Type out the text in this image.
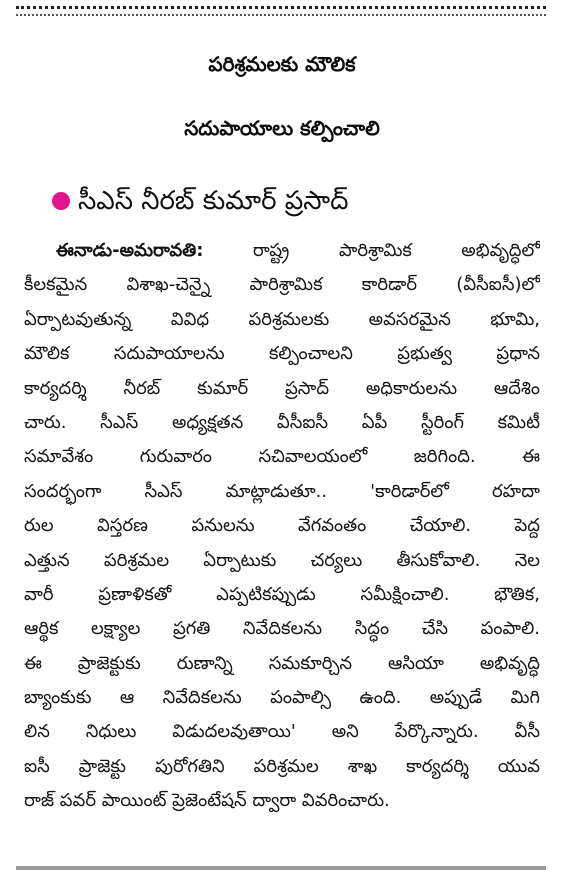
పరిశ్రమలకు మౌలిక
సదుపాయాలు కల్పించాలి
సీఎస్ నీరబ్ కుమార్ ప్రసాద్
ఈనాడు-అమరావతి:	రాష్ట్ర పారిశ్రామిక అభివృద్ధిలో
కీలకమైన విశాఖ-చెన్నై పారిశ్రామిక కారిడార్ (వీసీఐసీ)లో
ఏర్పాటవుతున్న వివిధ పరిశ్రమలకు అవసరమైన భూమి,
మౌలిక సదుపాయాలను కల్పించాలని ప్రభుత్వ ప్రధాన
కార్యదర్శి నీరబ్ కుమార్ ప్రసాద్ అధికారులను ఆదేశిం
చారు. సీఎస్ అధ్యక్షతన వీసీఐసీ ఏపీ స్టీరింగ్ కమిటీ
సమావేశం గురువారం సచివాలయంలో జరిగింది. ఈ
సందర్భంగా సీఎస్ మాట్లాడుతూ.. 'కారిడార్‌లో రహదా
రుల విస్తరణ పనులను వేగవంతం చేయాలి. పెద్ద
ఎత్తున పరిశ్రమల ఏర్పాటుకు చర్యలు తీసుకోవాలి. నెల
వారీ ప్రణాళికతో ఎప్పటికప్పుడు సమీక్షించాలి. భౌతిక,
ఆర్థిక లక్ష్యాల ప్రగతి నివేదికలను సిద్ధం చేసి పంపాలి.
ఈ ప్రాజెక్టుకు రుణాన్ని సమకూర్చిన ఆసియా అభివృద్ధి
బ్యాంకుకు ఆ నివేదికలను పంపాల్సి ఉంది. అప్పుడే మిగి
లిన నిధులు విడుదలవుతాయి' అని పేర్కొన్నారు. వీసీ
ఐసీ ప్రాజెక్టు పురోగతిని పరిశ్రమల శాఖ కార్యదర్శి యువ
రాజ్ పవర్ పాయింట్ ప్రెజెంటేషన్ ద్వారా వివరించారు.
